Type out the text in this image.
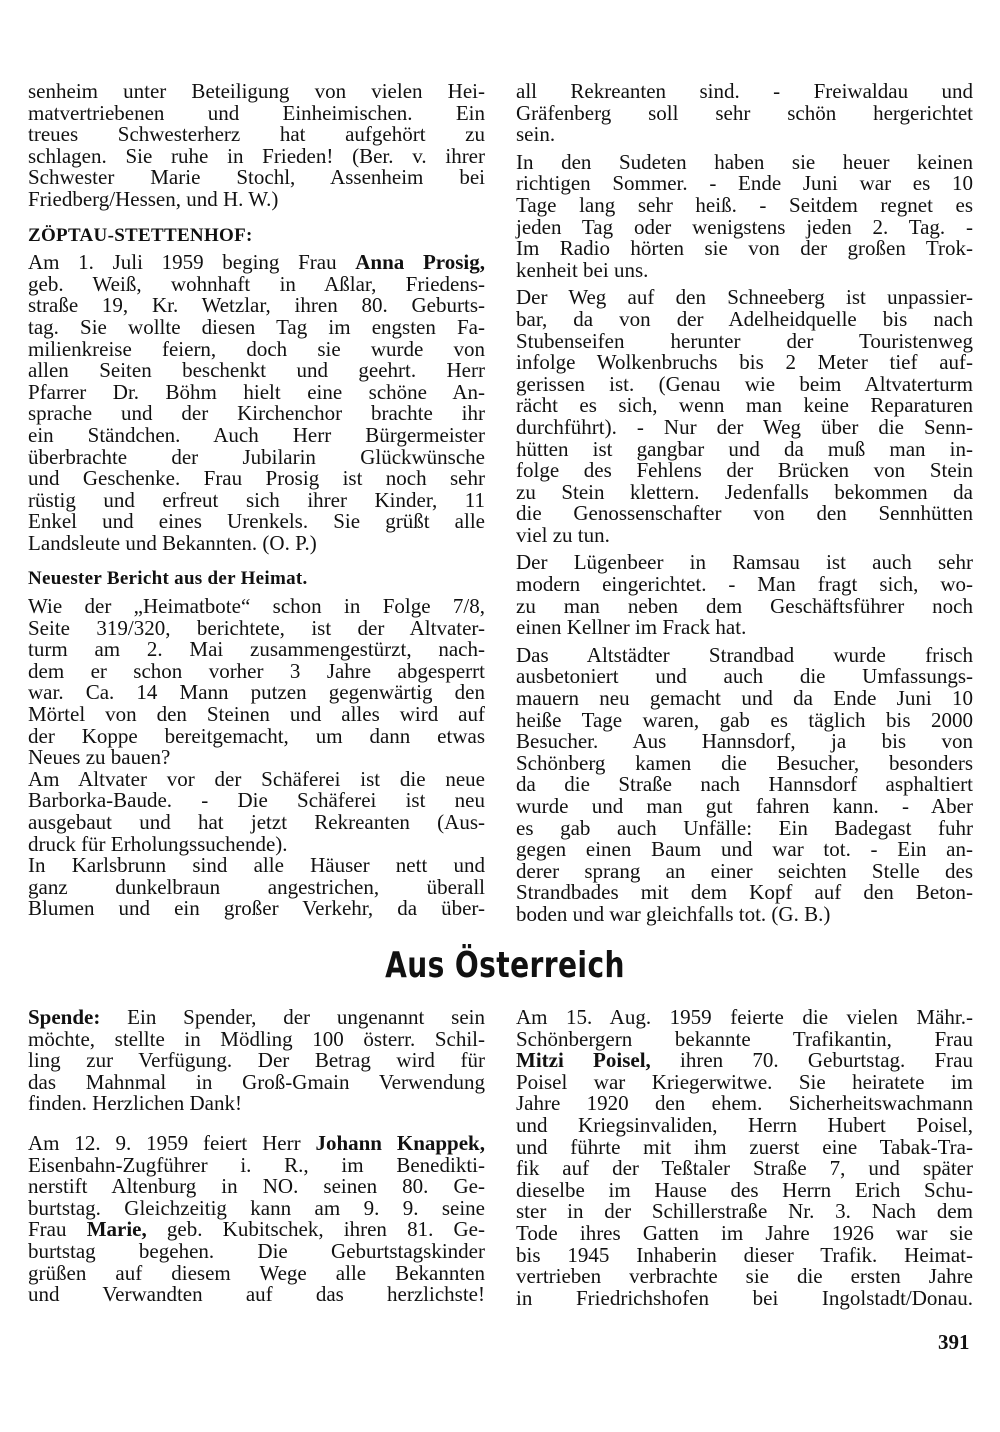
senheim unter Beteiligung von vielen Hei-
matvertriebenen und Einheimischen. Ein
treues Schwesterherz hat aufgehört zu
schlagen. Sie ruhe in Frieden! (Ber. v. ihrer
Schwester Marie Stochl, Assenheim bei
Friedberg/Hessen, und H. W.)
ZÖPTAU-STETTENHOF:
Am 1. Juli 1959 beging Frau Anna Prosig,
geb. Weiß, wohnhaft in Aßlar, Friedens-
straße 19, Kr. Wetzlar, ihren 80. Geburts-
tag. Sie wollte diesen Tag im engsten Fa-
milienkreise feiern, doch sie wurde von
allen Seiten beschenkt und geehrt. Herr
Pfarrer Dr. Böhm hielt eine schöne An-
sprache und der Kirchenchor brachte ihr
ein Ständchen. Auch Herr Bürgermeister
überbrachte der Jubilarin Glückwünsche
und Geschenke. Frau Prosig ist noch sehr
rüstig und erfreut sich ihrer Kinder, 11
Enkel und eines Urenkels. Sie grüßt alle
Landsleute und Bekannten. (O. P.)
Neuester Bericht aus der Heimat.
Wie der „Heimatbote“ schon in Folge 7/8,
Seite 319/320, berichtete, ist der Altvater-
turm am 2. Mai zusammengestürzt, nach-
dem er schon vorher 3 Jahre abgesperrt
war. Ca. 14 Mann putzen gegenwärtig den
Mörtel von den Steinen und alles wird auf
der Koppe bereitgemacht, um dann etwas
Neues zu bauen?
Am Altvater vor der Schäferei ist die neue
Barborka-Baude. - Die Schäferei ist neu
ausgebaut und hat jetzt Rekreanten (Aus-
druck für Erholungssuchende).
In Karlsbrunn sind alle Häuser nett und
ganz dunkelbraun angestrichen, überall
Blumen und ein großer Verkehr, da über-
all Rekreanten sind. - Freiwaldau und
Gräfenberg soll sehr schön hergerichtet
sein.
In den Sudeten haben sie heuer keinen
richtigen Sommer. - Ende Juni war es 10
Tage lang sehr heiß. - Seitdem regnet es
jeden Tag oder wenigstens jeden 2. Tag. -
Im Radio hörten sie von der großen Trok-
kenheit bei uns.
Der Weg auf den Schneeberg ist unpassier-
bar, da von der Adelheidquelle bis nach
Stubenseifen herunter der Touristenweg
infolge Wolkenbruchs bis 2 Meter tief auf-
gerissen ist. (Genau wie beim Altvaterturm
rächt es sich, wenn man keine Reparaturen
durchführt). - Nur der Weg über die Senn-
hütten ist gangbar und da muß man in-
folge des Fehlens der Brücken von Stein
zu Stein klettern. Jedenfalls bekommen da
die Genossenschafter von den Sennhütten
viel zu tun.
Der Lügenbeer in Ramsau ist auch sehr
modern eingerichtet. - Man fragt sich, wo-
zu man neben dem Geschäftsführer noch
einen Kellner im Frack hat.
Das Altstädter Strandbad wurde frisch
ausbetoniert und auch die Umfassungs-
mauern neu gemacht und da Ende Juni 10
heiße Tage waren, gab es täglich bis 2000
Besucher. Aus Hannsdorf, ja bis von
Schönberg kamen die Besucher, besonders
da die Straße nach Hannsdorf asphaltiert
wurde und man gut fahren kann. - Aber
es gab auch Unfälle: Ein Badegast fuhr
gegen einen Baum und war tot. - Ein an-
derer sprang an einer seichten Stelle des
Strandbades mit dem Kopf auf den Beton-
boden und war gleichfalls tot. (G. B.)
Aus Österreich
Spende: Ein Spender, der ungenannt sein
möchte, stellte in Mödling 100 österr. Schil-
ling zur Verfügung. Der Betrag wird für
das Mahnmal in Groß-Gmain Verwendung
finden. Herzlichen Dank!
Am 12. 9. 1959 feiert Herr Johann Knappek,
Eisenbahn-Zugführer i. R., im Benedikti-
nerstift Altenburg in NO. seinen 80. Ge-
burtstag. Gleichzeitig kann am 9. 9. seine
Frau Marie, geb. Kubitschek, ihren 81. Ge-
burtstag begehen. Die Geburtstagskinder
grüßen auf diesem Wege alle Bekannten
und Verwandten auf das herzlichste!
Am 15. Aug. 1959 feierte die vielen Mähr.-
Schönbergern bekannte Trafikantin, Frau
Mitzi Poisel, ihren 70. Geburtstag. Frau
Poisel war Kriegerwitwe. Sie heiratete im
Jahre 1920 den ehem. Sicherheitswachmann
und Kriegsinvaliden, Herrn Hubert Poisel,
und führte mit ihm zuerst eine Tabak-Tra-
fik auf der Teßtaler Straße 7, und später
dieselbe im Hause des Herrn Erich Schu-
ster in der Schillerstraße Nr. 3. Nach dem
Tode ihres Gatten im Jahre 1926 war sie
bis 1945 Inhaberin dieser Trafik. Heimat-
vertrieben verbrachte sie die ersten Jahre
in Friedrichshofen bei Ingolstadt/Donau.
391
